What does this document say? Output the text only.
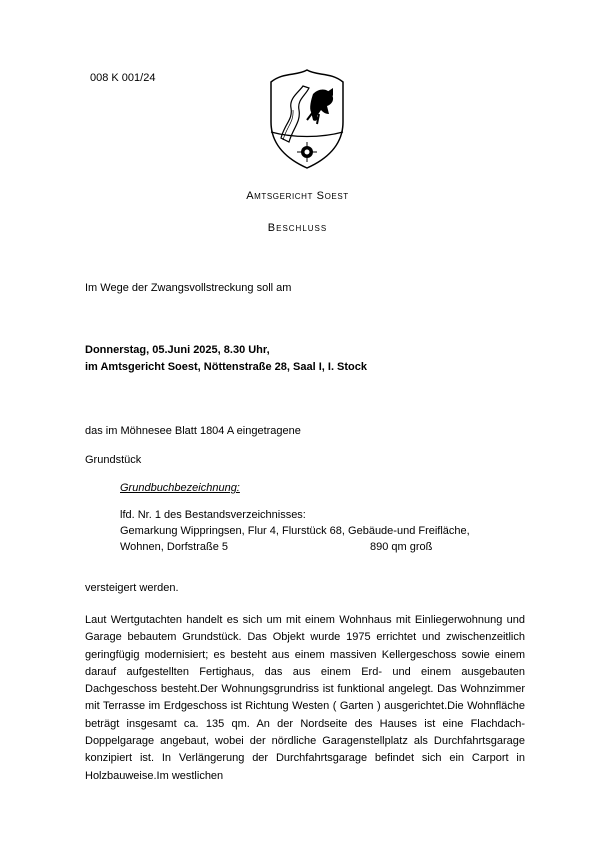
008 K 001/24
Amtsgericht Soest
Beschluss
Im Wege der Zwangsvollstreckung soll am
Donnerstag, 05.Juni 2025, 8.30 Uhr,
im Amtsgericht Soest, Nöttenstraße 28, Saal I, I. Stock
das im Möhnesee Blatt 1804 A eingetragene
Grundstück
Grundbuchbezeichnung:
lfd. Nr. 1 des Bestandsverzeichnisses:
Gemarkung Wippringsen, Flur 4, Flurstück 68, Gebäude-und Freifläche,
Wohnen, Dorfstraße 5	890 qm groß
versteigert werden.
Laut Wertgutachten handelt es sich um mit einem Wohnhaus mit Einliegerwohnung und Garage bebautem Grundstück. Das Objekt wurde 1975 errichtet und zwischenzeitlich geringfügig modernisiert; es besteht aus einem massiven Kellergeschoss sowie einem darauf aufgestellten Fertighaus, das aus einem Erd- und einem ausgebauten Dachgeschoss besteht.Der Wohnungsgrundriss ist funktional angelegt. Das Wohnzimmer mit Terrasse im Erdgeschoss ist Richtung Westen ( Garten ) ausgerichtet.Die Wohnfläche beträgt insgesamt ca. 135 qm. An der Nordseite des Hauses ist eine Flachdach-Doppelgarage angebaut, wobei der nördliche Garagenstellplatz als Durchfahrtsgarage konzipiert ist. In Verlängerung der Durchfahrtsgarage befindet sich ein Carport in Holzbauweise.Im westlichen
